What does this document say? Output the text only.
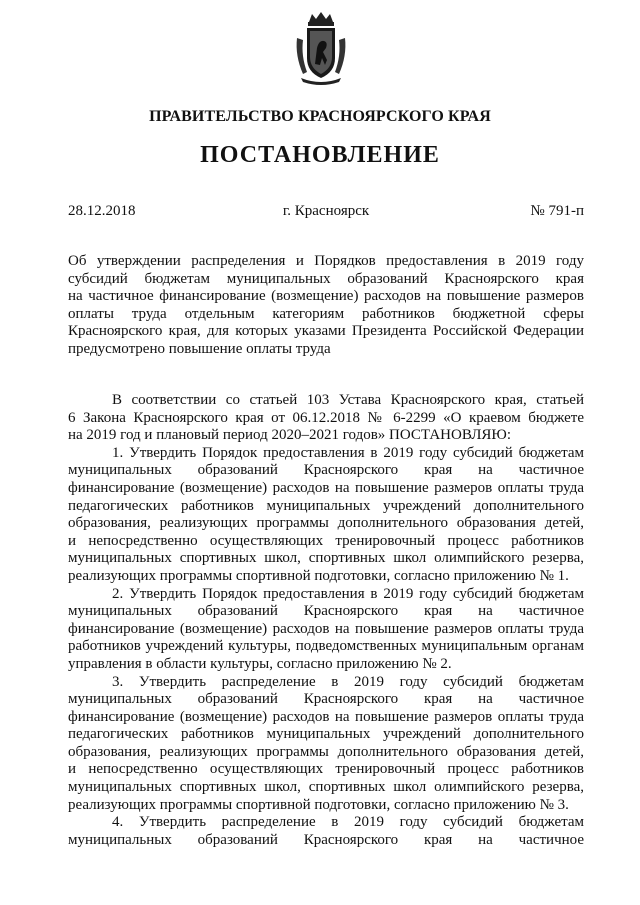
ПРАВИТЕЛЬСТВО КРАСНОЯРСКОГО КРАЯ
ПОСТАНОВЛЕНИЕ
г. Красноярск
28.12.2018	№ 791-п
Об утверждении распределения и Порядков предоставления в 2019 году
субсидий бюджетам муниципальных образований Красноярского края
на частичное финансирование (возмещение) расходов на повышение размеров
оплаты труда отдельным категориям работников бюджетной сферы
Красноярского края, для которых указами Президента Российской Федерации
предусмотрено повышение оплаты труда
В соответствии со статьей 103 Устава Красноярского края, статьей
6 Закона Красноярского края от 06.12.2018 № 6-2299 «О краевом бюджете
на 2019 год и плановый период 2020–2021 годов» ПОСТАНОВЛЯЮ:
1. Утвердить Порядок предоставления в 2019 году субсидий бюджетам
муниципальных образований Красноярского края на частичное
финансирование (возмещение) расходов на повышение размеров оплаты труда
педагогических работников муниципальных учреждений дополнительного
образования, реализующих программы дополнительного образования детей,
и непосредственно осуществляющих тренировочный процесс работников
муниципальных спортивных школ, спортивных школ олимпийского резерва,
реализующих программы спортивной подготовки, согласно приложению № 1.
2. Утвердить Порядок предоставления в 2019 году субсидий бюджетам
муниципальных образований Красноярского края на частичное
финансирование (возмещение) расходов на повышение размеров оплаты труда
работников учреждений культуры, подведомственных муниципальным органам
управления в области культуры, согласно приложению № 2.
3. Утвердить распределение в 2019 году субсидий бюджетам
муниципальных образований Красноярского края на частичное
финансирование (возмещение) расходов на повышение размеров оплаты труда
педагогических работников муниципальных учреждений дополнительного
образования, реализующих программы дополнительного образования детей,
и непосредственно осуществляющих тренировочный процесс работников
муниципальных спортивных школ, спортивных школ олимпийского резерва,
реализующих программы спортивной подготовки, согласно приложению № 3.
4. Утвердить распределение в 2019 году субсидий бюджетам
муниципальных образований Красноярского края на частичное
